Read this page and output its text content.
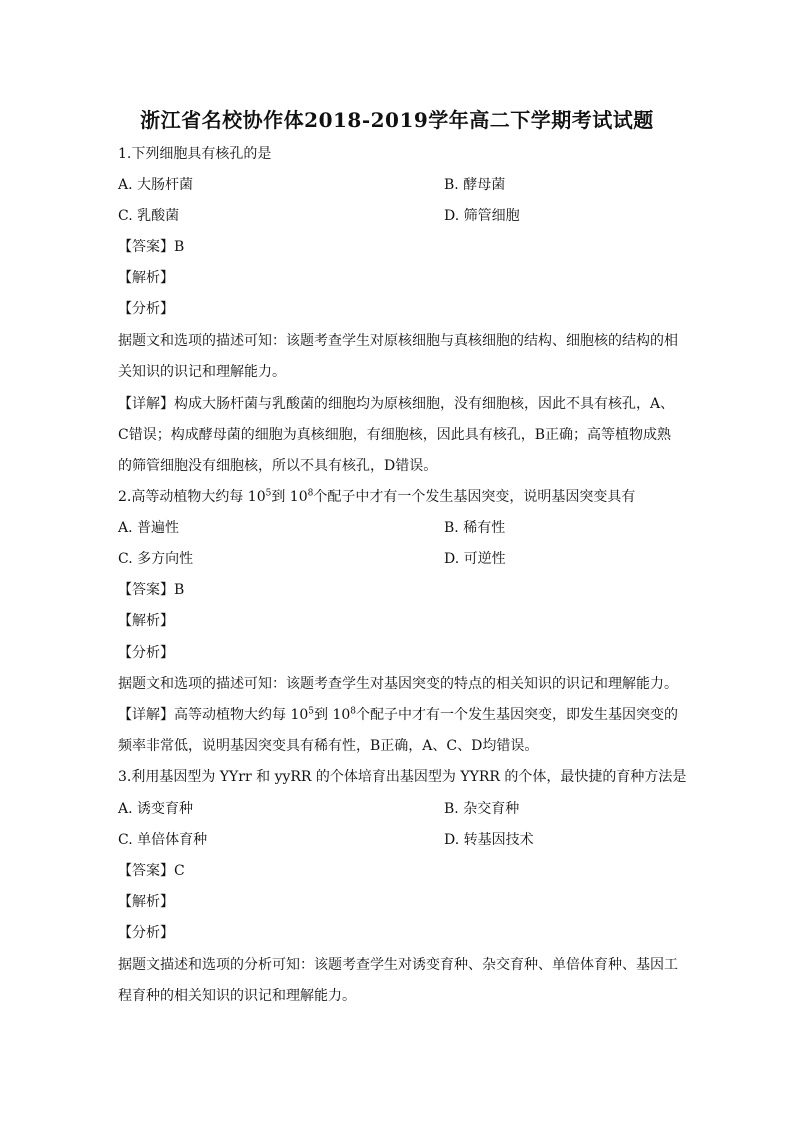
浙江省名校协作体2018-2019学年高二下学期考试试题
1.下列细胞具有核孔的是
A. 大肠杆菌	B. 酵母菌
C. 乳酸菌	D. 筛管细胞
【答案】B
【解析】
【分析】
据题文和选项的描述可知：该题考查学生对原核细胞与真核细胞的结构、细胞核的结构的相
关知识的识记和理解能力。
【详解】构成大肠杆菌与乳酸菌的细胞均为原核细胞，没有细胞核，因此不具有核孔，A、
C错误；构成酵母菌的细胞为真核细胞，有细胞核，因此具有核孔，B正确；高等植物成熟
的筛管细胞没有细胞核，所以不具有核孔，D错误。
2.高等动植物大约每 $10^5$到 $10^8$个配子中才有一个发生基因突变，说明基因突变具有
A. 普遍性	B. 稀有性
C. 多方向性	D. 可逆性
【答案】B
【解析】
【分析】
据题文和选项的描述可知：该题考查学生对基因突变的特点的相关知识的识记和理解能力。
【详解】高等动植物大约每 $10^5$到 $10^8$个配子中才有一个发生基因突变，即发生基因突变的
频率非常低，说明基因突变具有稀有性，B正确，A、C、D均错误。
3.利用基因型为 YYrr 和 yyRR 的个体培育出基因型为 YYRR 的个体，最快捷的育种方法是
A. 诱变育种	B. 杂交育种
C. 单倍体育种	D. 转基因技术
【答案】C
【解析】
【分析】
据题文描述和选项的分析可知：该题考查学生对诱变育种、杂交育种、单倍体育种、基因工
程育种的相关知识的识记和理解能力。
